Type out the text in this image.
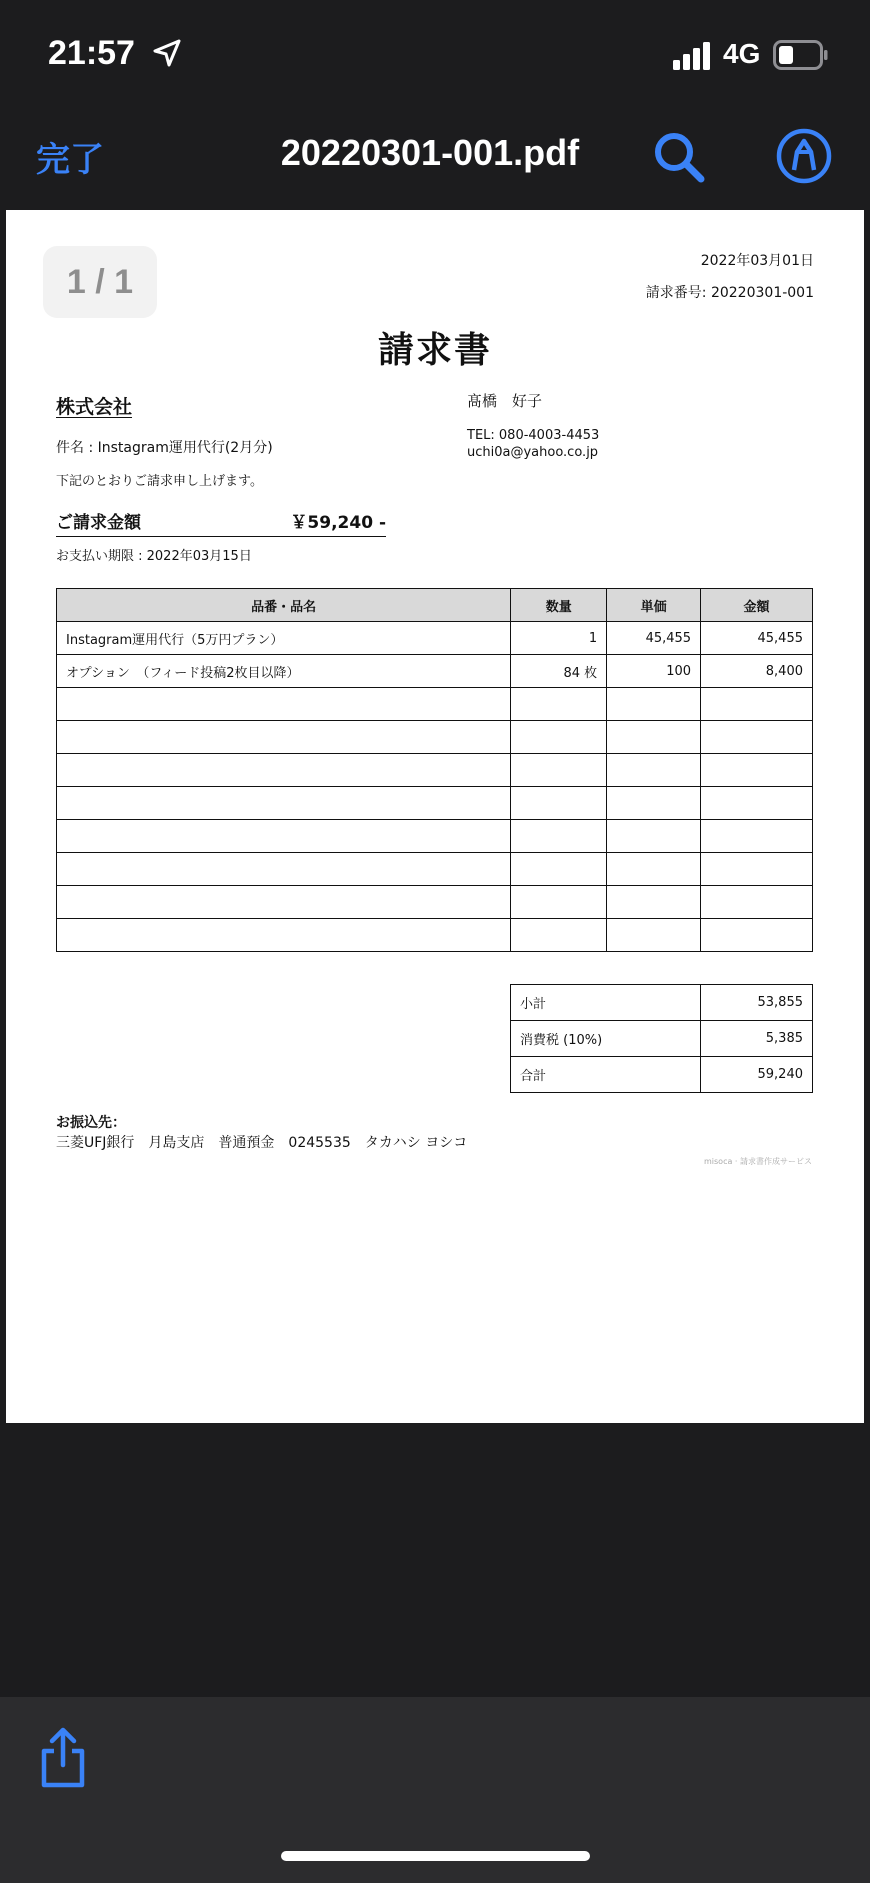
21:57	4G
完了	20220301-001.pdf
1 / 1
2022年03月01日
請求番号: 20220301-001
請求書
株式会社
件名 : Instagram運用代行(2月分)
下記のとおりご請求申し上げます。
ご請求金額	￥59,240 -
お支払い期限 : 2022年03月15日
髙橋　好子
TEL: 080-4003-4453
uchi0a@yahoo.co.jp
品番・品名	数量	単価	金額
Instagram運用代行（5万円プラン）	1	45,455	45,455
オプション　（フィード投稿2枚目以降）	84 枚	100	8,400

小計	53,855
消費税 (10%)	5,385
合計	59,240
お振込先：
三菱UFJ銀行　月島支店　普通預金　0245535　タカハシ ヨシコ
misoca · 請求書作成サービス
